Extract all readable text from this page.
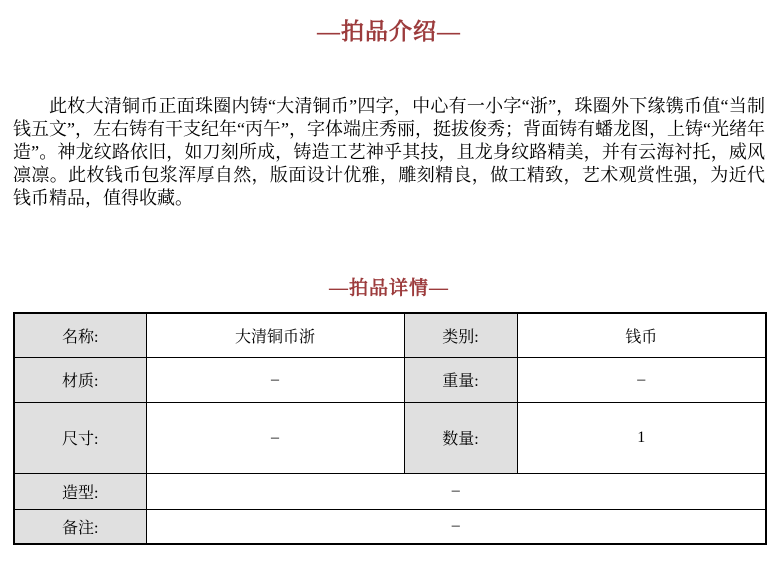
—拍品介绍—
此枚大清铜币正面珠圈内铸“大清铜币”四字，中心有一小字“浙”，珠圈外下缘镌币值“当制钱五文”，左右铸有干支纪年“丙午”，字体端庄秀丽，挺拔俊秀；背面铸有蟠龙图，上铸“光绪年造”。神龙纹路依旧，如刀刻所成，铸造工艺神乎其技，且龙身纹路精美，并有云海衬托，威风凛凛。此枚钱币包浆浑厚自然，版面设计优雅，雕刻精良，做工精致，艺术观赏性强，为近代钱币精品，值得收藏。
—拍品详情—
名称:	大清铜币浙	类别:	钱币
材质:	–	重量:	–
尺寸:	–	数量:	1
造型:	–		
备注:	–		
